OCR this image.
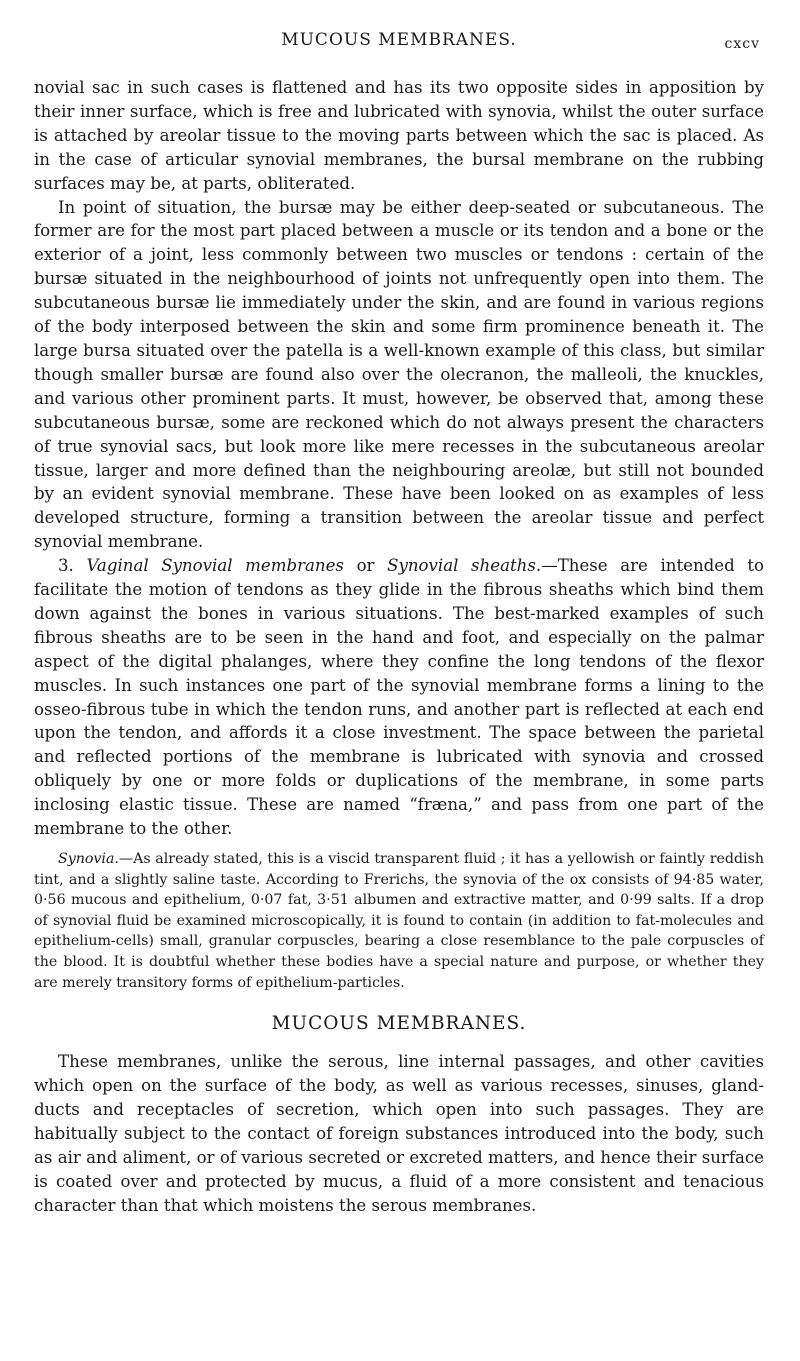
MUCOUS MEMBRANES.	cxcv

novial sac in such cases is flattened and has its two opposite sides in apposition by their inner surface, which is free and lubricated with synovia, whilst the outer surface is attached by areolar tissue to the moving parts between which the sac is placed. As in the case of articular synovial membranes, the bursal membrane on the rubbing surfaces may be, at parts, obliterated.

In point of situation, the bursæ may be either deep-seated or subcutaneous. The former are for the most part placed between a muscle or its tendon and a bone or the exterior of a joint, less commonly between two muscles or tendons : certain of the bursæ situated in the neighbourhood of joints not unfrequently open into them. The subcutaneous bursæ lie immediately under the skin, and are found in various regions of the body interposed between the skin and some firm prominence beneath it. The large bursa situated over the patella is a well-known example of this class, but similar though smaller bursæ are found also over the olecranon, the malleoli, the knuckles, and various other prominent parts. It must, however, be observed that, among these subcutaneous bursæ, some are reckoned which do not always present the characters of true synovial sacs, but look more like mere recesses in the subcutaneous areolar tissue, larger and more defined than the neighbouring areolæ, but still not bounded by an evident synovial membrane. These have been looked on as examples of less developed structure, forming a transition between the areolar tissue and perfect synovial membrane.

3. Vaginal Synovial membranes or Synovial sheaths.—These are intended to facilitate the motion of tendons as they glide in the fibrous sheaths which bind them down against the bones in various situations. The best-marked examples of such fibrous sheaths are to be seen in the hand and foot, and especially on the palmar aspect of the digital phalanges, where they confine the long tendons of the flexor muscles. In such instances one part of the synovial membrane forms a lining to the osseo-fibrous tube in which the tendon runs, and another part is reflected at each end upon the tendon, and affords it a close investment. The space between the parietal and reflected portions of the membrane is lubricated with synovia and crossed obliquely by one or more folds or duplications of the membrane, in some parts inclosing elastic tissue. These are named “fræna,” and pass from one part of the membrane to the other.

Synovia.—As already stated, this is a viscid transparent fluid ; it has a yellowish or faintly reddish tint, and a slightly saline taste. According to Frerichs, the synovia of the ox consists of 94·85 water, 0·56 mucous and epithelium, 0·07 fat, 3·51 albumen and extractive matter, and 0·99 salts. If a drop of synovial fluid be examined microscopically, it is found to contain (in addition to fat-molecules and epithelium-cells) small, granular corpuscles, bearing a close resemblance to the pale corpuscles of the blood. It is doubtful whether these bodies have a special nature and purpose, or whether they are merely transitory forms of epithelium-particles.

MUCOUS MEMBRANES.

These membranes, unlike the serous, line internal passages, and other cavities which open on the surface of the body, as well as various recesses, sinuses, gland-ducts and receptacles of secretion, which open into such passages. They are habitually subject to the contact of foreign substances introduced into the body, such as air and aliment, or of various secreted or excreted matters, and hence their surface is coated over and protected by mucus, a fluid of a more consistent and tenacious character than that which moistens the serous membranes.
